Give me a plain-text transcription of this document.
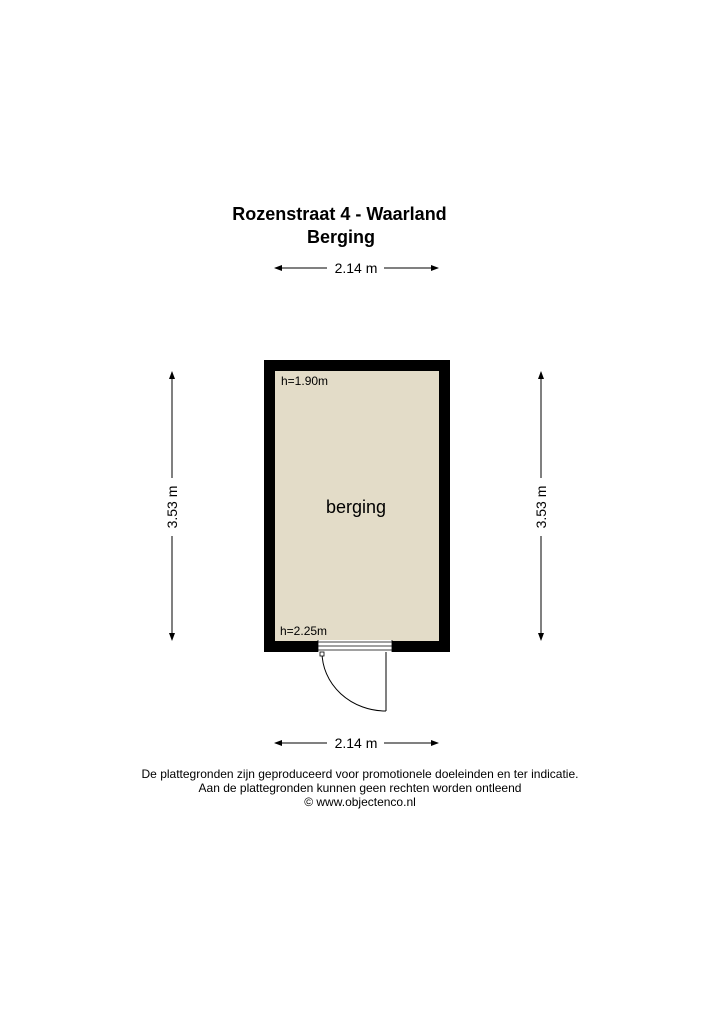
Rozenstraat 4 - Waarland
Berging
2.14 m
3.53 m	3.53 m
h=1.90m
berging
h=2.25m
2.14 m
De plattegronden zijn geproduceerd voor promotionele doeleinden en ter indicatie.
Aan de plattegronden kunnen geen rechten worden ontleend
© www.objectenco.nl
